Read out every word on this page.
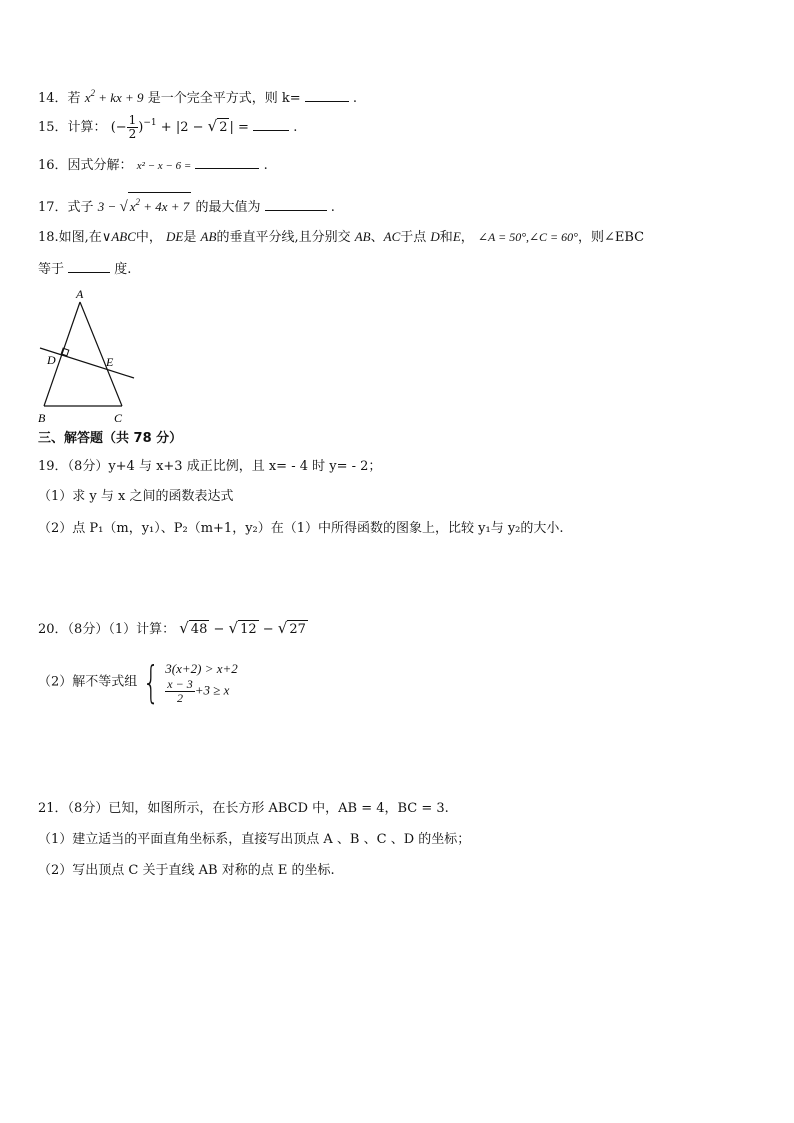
14．若 $x^2$ + kx + 9 是一个完全平方式，则 k=	.
15．计算： (− $\frac{1}{2} )^{-1} + |2$ − √ 2 | =	.
16．因式分解： x² − x − 6 =	.
17．式子 3 − √ $x^2 + 4x + 7$ 的最大值为	.
18.如图,在∨ABC中， DE是 AB的垂直平分线,且分别交 AB、AC于点 D和E， ∠A = 50°,∠C = 60°，则∠EBC
等于	度.
A
D	E
B	C
三、解答题（共 78 分）
19．（8分）y+4 与 x+3 成正比例，且 x= - 4 时 y= - 2；
（1）求 y 与 x 之间的函数表达式
（2）点 P₁（m，y₁）、P₂（m+1，y₂）在（1）中所得函数的图象上，比较 y₁与 y₂的大小.
20．（8分）（1）计算： √ 48 − √ 12 − √ 27
（2）解不等式组 { 3(x+2) > x+2
$\frac{x - 3}{2} +3 \ge x$
21．（8分）已知，如图所示，在长方形 ABCD 中，AB = 4，BC = 3.
（1）建立适当的平面直角坐标系，直接写出顶点 A 、B 、C 、D 的坐标；
（2）写出顶点 C 关于直线 AB 对称的点 E 的坐标.
